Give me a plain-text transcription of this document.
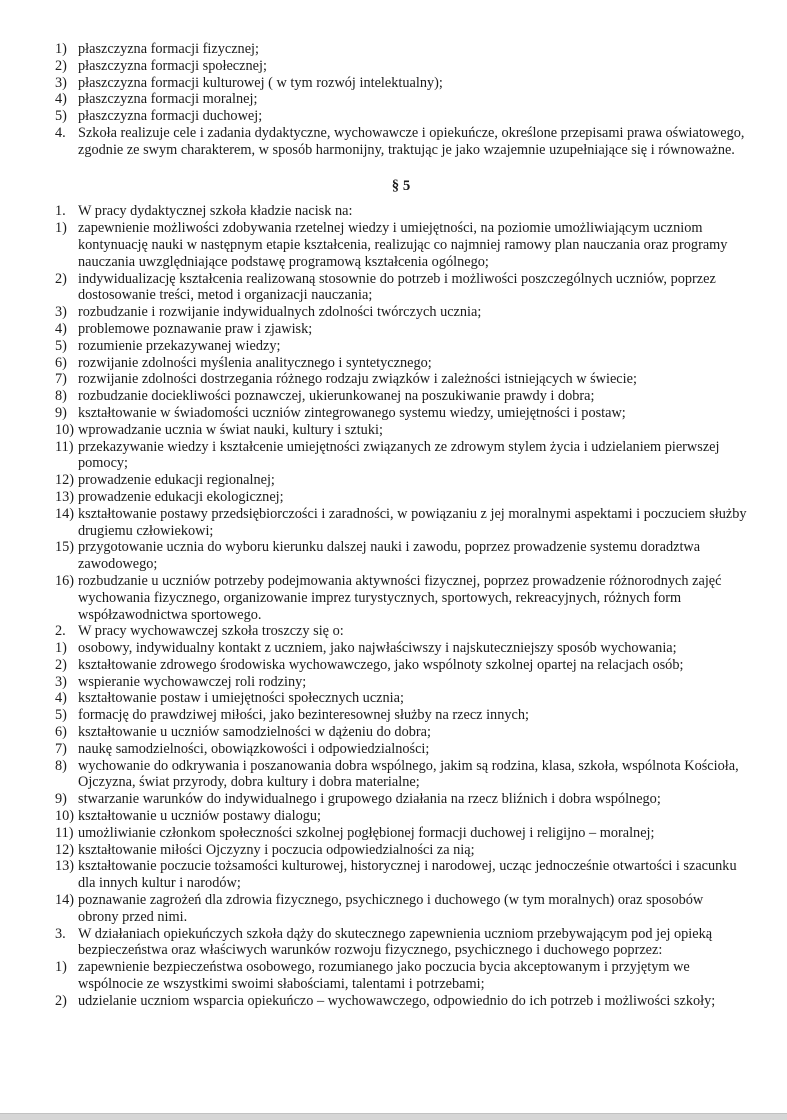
1) płaszczyzna formacji fizycznej;
2) płaszczyzna formacji społecznej;
3) płaszczyzna formacji kulturowej ( w tym rozwój intelektualny);
4) płaszczyzna formacji moralnej;
5) płaszczyzna formacji duchowej;
4. Szkoła realizuje cele i zadania dydaktyczne, wychowawcze i opiekuńcze, określone przepisami prawa oświatowego, zgodnie ze swym charakterem, w sposób harmonijny, traktując je jako wzajemnie uzupełniające się i równoważne.
§ 5
1. W pracy dydaktycznej szkoła kładzie nacisk na:
1) zapewnienie możliwości zdobywania rzetelnej wiedzy i umiejętności, na poziomie umożliwiającym uczniom kontynuację nauki w następnym etapie kształcenia, realizując co najmniej ramowy plan nauczania oraz programy nauczania uwzględniające podstawę programową kształcenia ogólnego;
2) indywidualizację kształcenia realizowaną stosownie do potrzeb i możliwości poszczególnych uczniów, poprzez dostosowanie treści, metod i organizacji nauczania;
3) rozbudzanie i rozwijanie indywidualnych zdolności twórczych ucznia;
4) problemowe poznawanie praw i zjawisk;
5) rozumienie przekazywanej wiedzy;
6) rozwijanie zdolności myślenia analitycznego i syntetycznego;
7) rozwijanie zdolności dostrzegania różnego rodzaju związków i zależności istniejących w świecie;
8) rozbudzanie dociekliwości poznawczej, ukierunkowanej na poszukiwanie prawdy i dobra;
9) kształtowanie w świadomości uczniów zintegrowanego systemu wiedzy, umiejętności i postaw;
10) wprowadzanie ucznia w świat nauki, kultury i sztuki;
11) przekazywanie wiedzy i kształcenie umiejętności związanych ze zdrowym stylem życia i udzielaniem pierwszej pomocy;
12) prowadzenie edukacji regionalnej;
13) prowadzenie edukacji ekologicznej;
14) kształtowanie postawy przedsiębiorczości i zaradności, w powiązaniu z jej moralnymi aspektami i poczuciem służby drugiemu człowiekowi;
15) przygotowanie ucznia do wyboru kierunku dalszej nauki i zawodu, poprzez prowadzenie systemu doradztwa zawodowego;
16) rozbudzanie u uczniów potrzeby podejmowania aktywności fizycznej, poprzez prowadzenie różnorodnych zajęć wychowania fizycznego, organizowanie imprez turystycznych, sportowych, rekreacyjnych, różnych form współzawodnictwa sportowego.
2. W pracy wychowawczej szkoła troszczy się o:
1) osobowy, indywidualny kontakt z uczniem, jako najwłaściwszy i najskuteczniejszy sposób wychowania;
2) kształtowanie zdrowego środowiska wychowawczego, jako wspólnoty szkolnej opartej na relacjach osób;
3) wspieranie wychowawczej roli rodziny;
4) kształtowanie postaw i umiejętności społecznych ucznia;
5) formację do prawdziwej miłości, jako bezinteresownej służby na rzecz innych;
6) kształtowanie u uczniów samodzielności w dążeniu do dobra;
7) naukę samodzielności, obowiązkowości i odpowiedzialności;
8) wychowanie do odkrywania i poszanowania dobra wspólnego, jakim są rodzina, klasa, szkoła, wspólnota Kościoła, Ojczyzna, świat przyrody, dobra kultury i dobra materialne;
9) stwarzanie warunków do indywidualnego i grupowego działania na rzecz bliźnich i dobra wspólnego;
10) kształtowanie u uczniów postawy dialogu;
11) umożliwianie członkom społeczności szkolnej pogłębionej formacji duchowej i religijno – moralnej;
12) kształtowanie miłości Ojczyzny i poczucia odpowiedzialności za nią;
13) kształtowanie poczucie tożsamości kulturowej, historycznej i narodowej, ucząc jednocześnie otwartości i szacunku dla innych kultur i narodów;
14) poznawanie zagrożeń dla zdrowia fizycznego, psychicznego i duchowego (w tym moralnych) oraz sposobów obrony przed nimi.
3. W działaniach opiekuńczych szkoła dąży do skutecznego zapewnienia uczniom przebywającym pod jej opieką bezpieczeństwa oraz właściwych warunków rozwoju fizycznego, psychicznego i duchowego poprzez:
1) zapewnienie bezpieczeństwa osobowego, rozumianego jako poczucia bycia akceptowanym i przyjętym we wspólnocie ze wszystkimi swoimi słabościami, talentami i potrzebami;
2) udzielanie uczniom wsparcia opiekuńczo – wychowawczego, odpowiednio do ich potrzeb i możliwości szkoły;
